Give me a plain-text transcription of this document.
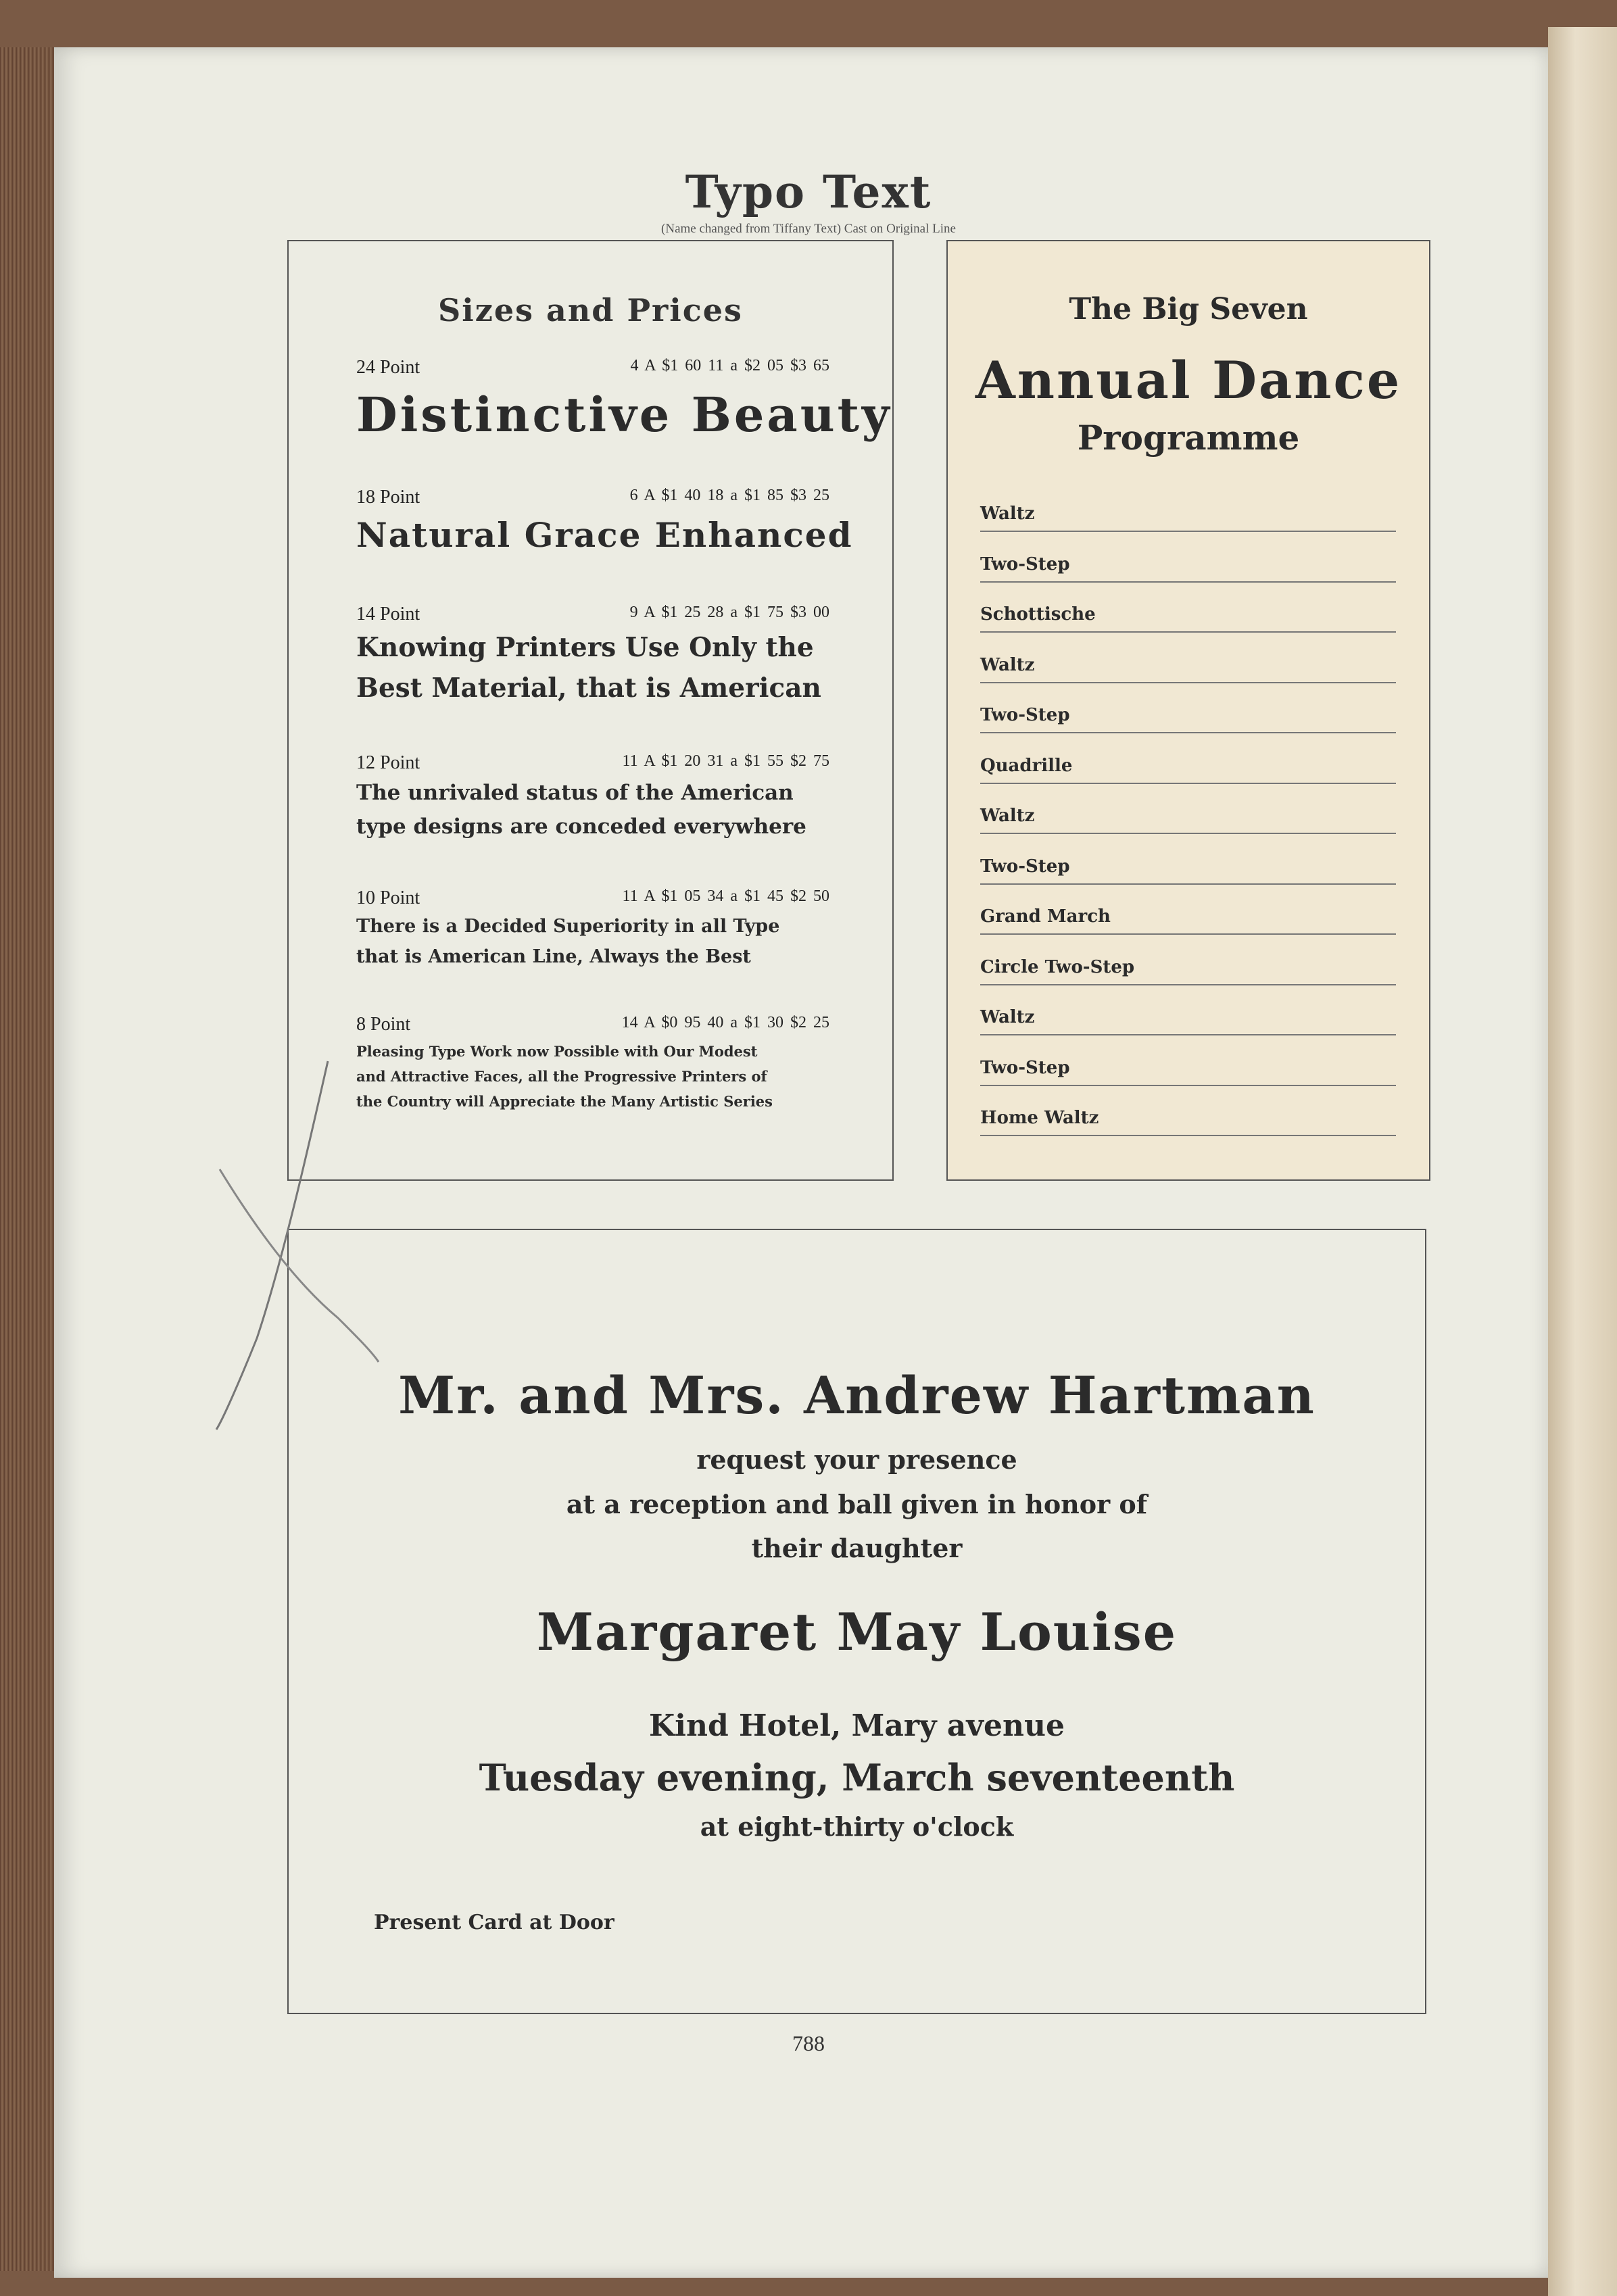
Typo Text
(Name changed from Tiffany Text) Cast on Original Line
Sizes and Prices
24 Point	4 A $1 60 11 a $2 05 $3 65
Distinctive Beauty
18 Point	6 A $1 40 18 a $1 85 $3 25
Natural Grace Enhanced
14 Point	9 A $1 25 28 a $1 75 $3 00
Knowing Printers Use Only the
Best Material, that is American
12 Point	11 A $1 20 31 a $1 55 $2 75
The unrivaled status of the American
type designs are conceded everywhere
10 Point	11 A $1 05 34 a $1 45 $2 50
There is a Decided Superiority in all Type
that is American Line, Always the Best
8 Point	14 A $0 95 40 a $1 30 $2 25
Pleasing Type Work now Possible with Our Modest
and Attractive Faces, all the Progressive Printers of
the Country will Appreciate the Many Artistic Series
The Big Seven
Annual Dance
Programme
Waltz
Two-Step
Schottische
Waltz
Two-Step
Quadrille
Waltz
Two-Step
Grand March
Circle Two-Step
Waltz
Two-Step
Home Waltz
Mr. and Mrs. Andrew Hartman
request your presence
at a reception and ball given in honor of
their daughter
Margaret May Louise
Kind Hotel, Mary avenue
Tuesday evening, March seventeenth
at eight-thirty o'clock
Present Card at Door
788
